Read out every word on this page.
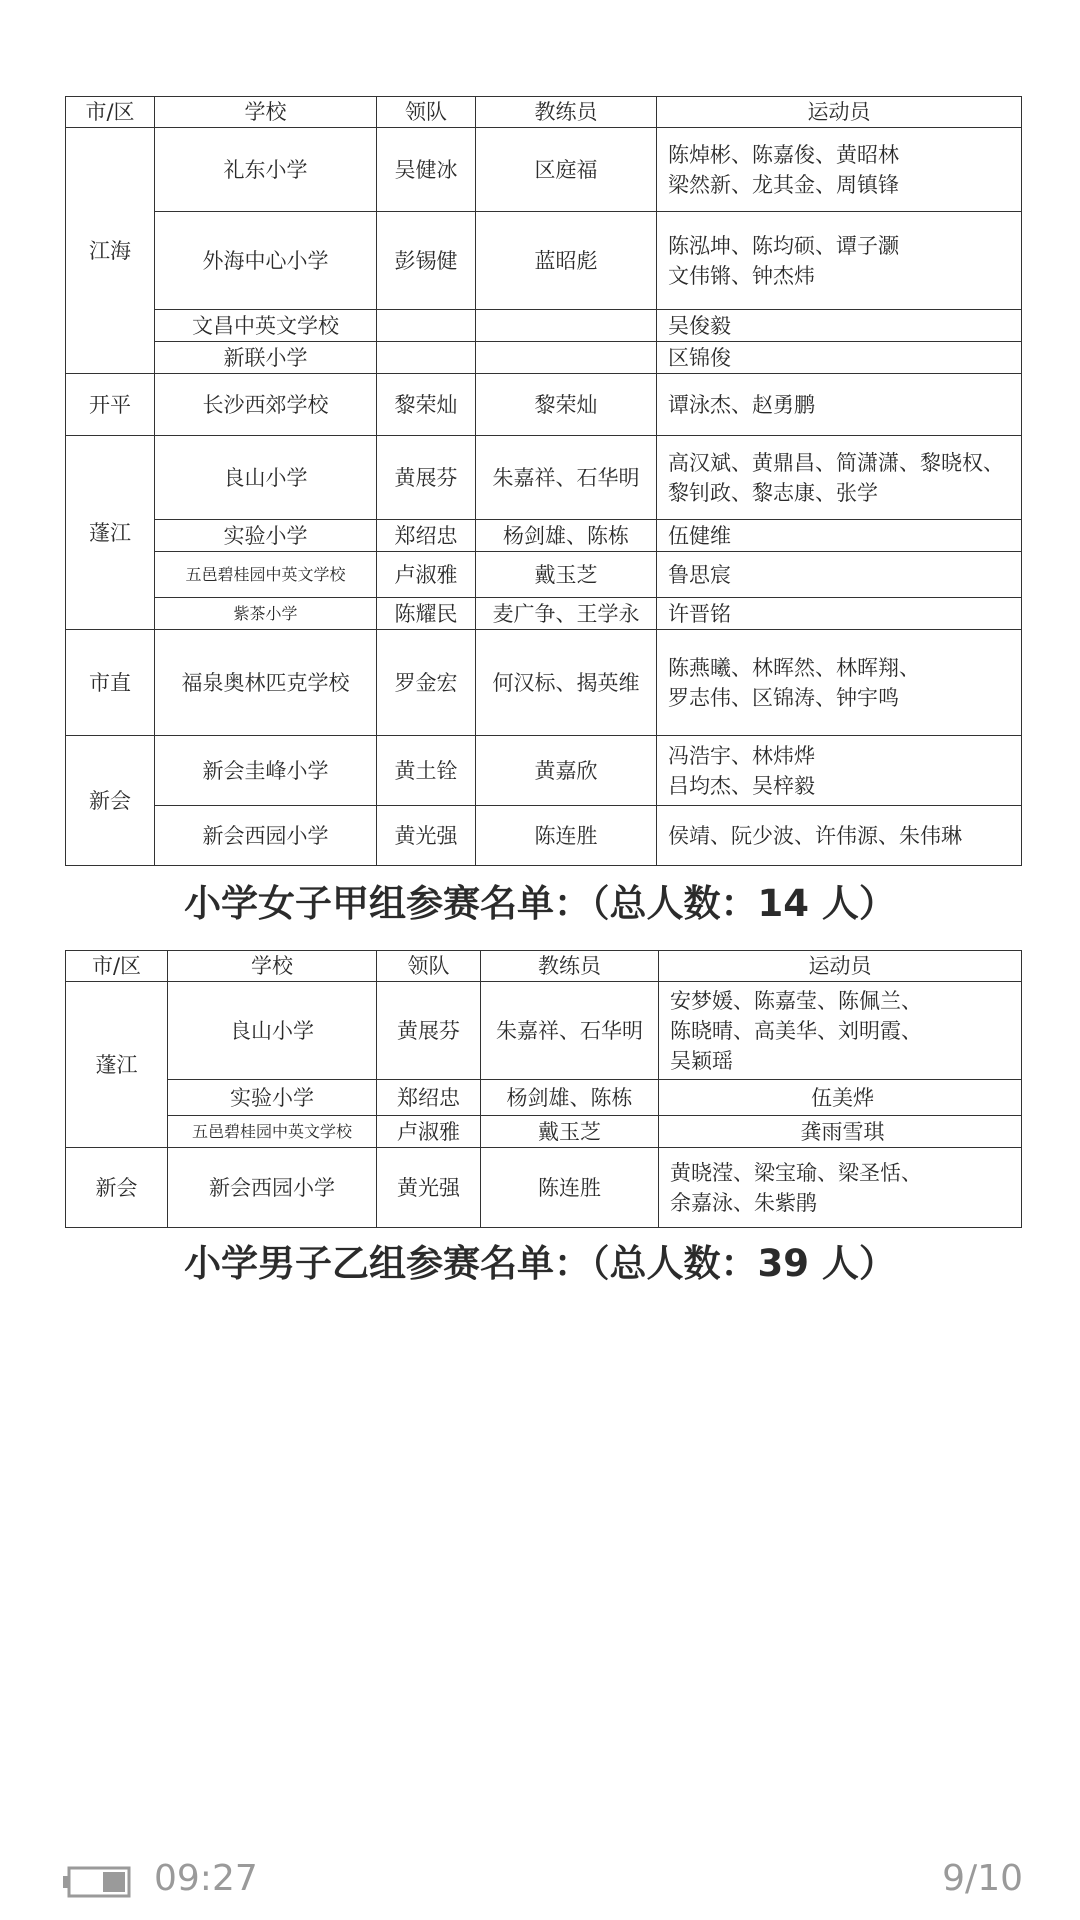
市/区	学校	领队	教练员	运动员
江海	礼东小学	吴健冰	区庭福	陈焯彬、陈嘉俊、黄昭林
梁然新、龙其金、周镇锋

	外海中心小学	彭锡健	蓝昭彪	陈泓坤、陈均硕、谭子灏
文伟锵、钟杰炜

	文昌中英文学校			吴俊毅

	新联小学			区锦俊

开平	长沙西郊学校	黎荣灿	黎荣灿	谭泳杰、赵勇鹏

蓬江	良山小学	黄展芬	朱嘉祥、石华明	高汉斌、黄鼎昌、简潇潇、黎晓权、
黎钊政、黎志康、张学

	实验小学	郑绍忠	杨剑雄、陈栋	伍健维

	五邑碧桂园中英文学校	卢淑雅	戴玉芝	鲁思宸

	紫茶小学	陈耀民	麦广争、王学永	许晋铭

市直	福泉奥林匹克学校	罗金宏	何汉标、揭英维	陈燕曦、林晖然、林晖翔、
罗志伟、区锦涛、钟宇鸣

新会	新会圭峰小学	黄土铨	黄嘉欣	冯浩宇、林炜烨
吕均杰、吴梓毅

	新会西园小学	黄光强	陈连胜	侯靖、阮少波、许伟源、朱伟琳
小学女子甲组参赛名单：（总人数：14 人）
市/区	学校	领队	教练员	运动员
蓬江	良山小学	黄展芬	朱嘉祥、石华明	安梦媛、陈嘉莹、陈佩兰、
陈晓晴、高美华、刘明霞、
吴颖瑶

	实验小学	郑绍忠	杨剑雄、陈栋	伍美烨

	五邑碧桂园中英文学校	卢淑雅	戴玉芝	龚雨雪琪

新会	新会西园小学	黄光强	陈连胜	黄晓滢、梁宝瑜、梁圣恬、
余嘉泳、朱紫鹃
小学男子乙组参赛名单：（总人数：39 人）
09:27	9/10
